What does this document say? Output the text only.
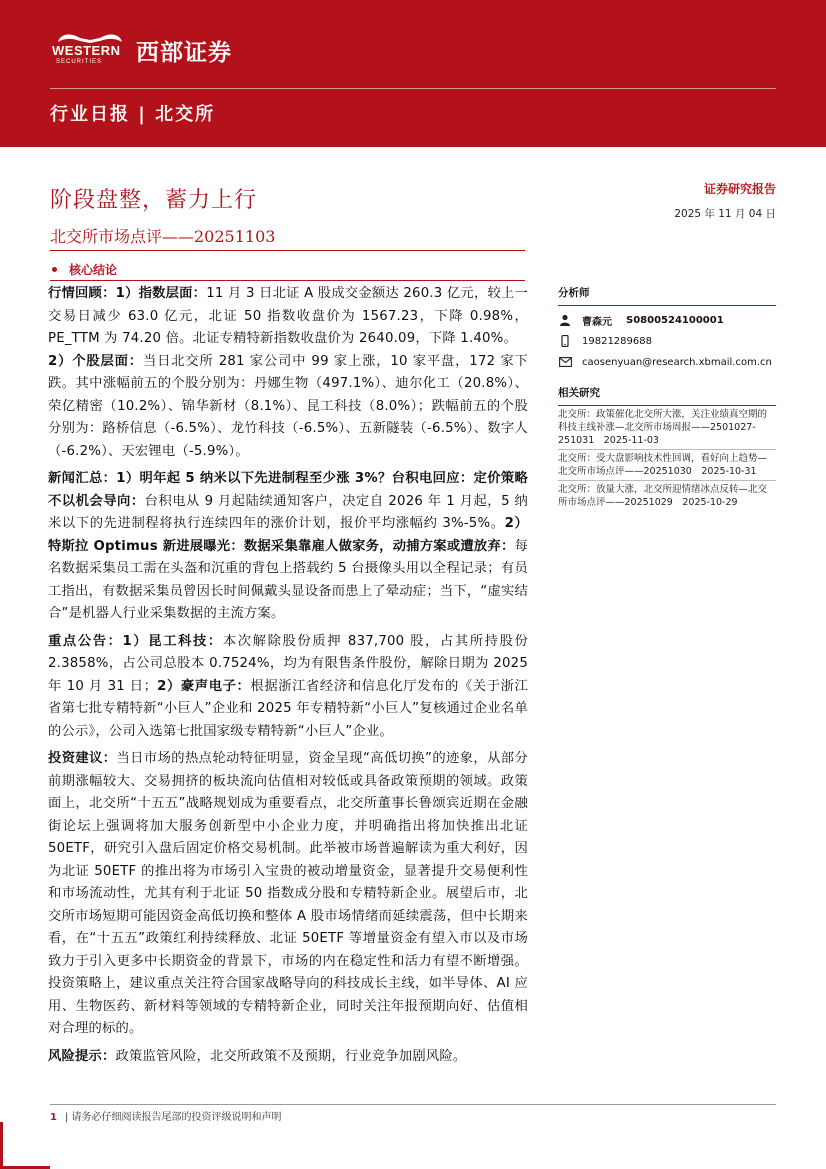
WESTERN
SECURITIES 西部证券
行业日报 | 北交所
阶段盘整，蓄力上行
北交所市场点评——20251103
证券研究报告
2025 年 11 月 04 日
核心结论

行情回顾：1）指数层面：11 月 3 日北证 A 股成交金额达 260.3 亿元，较上一交易日减少 63.0 亿元，北证 50 指数收盘价为 1567.23，下降 0.98%，PE_TTM 为 74.20 倍。北证专精特新指数收盘价为 2640.09，下降 1.40%。
2）个股层面：当日北交所 281 家公司中 99 家上涨，10 家平盘，172 家下跌。其中涨幅前五的个股分别为：丹娜生物（497.1%）、迪尔化工（20.8%）、荣亿精密（10.2%）、锦华新材（8.1%）、昆工科技（8.0%）；跌幅前五的个股分别为：路桥信息（-6.5%）、龙竹科技（-6.5%）、五新隧装（-6.5%）、数字人（-6.2%）、天宏锂电（-5.9%）。

新闻汇总：1）明年起 5 纳米以下先进制程至少涨 3%？台积电回应：定价策略不以机会导向：台积电从 9 月起陆续通知客户，决定自 2026 年 1 月起，5 纳米以下的先进制程将执行连续四年的涨价计划，报价平均涨幅约 3%-5%。2）特斯拉 Optimus 新进展曝光：数据采集靠雇人做家务，动捕方案或遭放弃：每名数据采集员工需在头盔和沉重的背包上搭载约 5 台摄像头用以全程记录；有员工指出，有数据采集员曾因长时间佩戴头显设备而患上了晕动症；当下，“虚实结合”是机器人行业采集数据的主流方案。

重点公告：1）昆工科技：本次解除股份质押 837,700 股，占其所持股份 2.3858%，占公司总股本 0.7524%，均为有限售条件股份，解除日期为 2025 年 10 月 31 日；2）豪声电子：根据浙江省经济和信息化厅发布的《关于浙江省第七批专精特新“小巨人”企业和 2025 年专精特新“小巨人”复核通过企业名单的公示》，公司入选第七批国家级专精特新“小巨人”企业。

投资建议：当日市场的热点轮动特征明显，资金呈现“高低切换”的迹象，从部分前期涨幅较大、交易拥挤的板块流向估值相对较低或具备政策预期的领域。政策面上，北交所“十五五”战略规划成为重要看点，北交所董事长鲁颂宾近期在金融街论坛上强调将加大服务创新型中小企业力度，并明确指出将加快推出北证 50ETF，研究引入盘后固定价格交易机制。此举被市场普遍解读为重大利好，因为北证 50ETF 的推出将为市场引入宝贵的被动增量资金，显著提升交易便利性和市场流动性，尤其有利于北证 50 指数成分股和专精特新企业。展望后市，北交所市场短期可能因资金高低切换和整体 A 股市场情绪而延续震荡，但中长期来看，在“十五五”政策红利持续释放、北证 50ETF 等增量资金有望入市以及市场致力于引入更多中长期资金的背景下，市场的内在稳定性和活力有望不断增强。投资策略上，建议重点关注符合国家战略导向的科技成长主线，如半导体、AI 应用、生物医药、新材料等领域的专精特新企业，同时关注年报预期向好、估值相对合理的标的。

风险提示：政策监管风险，北交所政策不及预期，行业竞争加剧风险。

分析师
曹森元 S0800524100001
19821289688
caosenyuan@research.xbmail.com.cn
相关研究
北交所：政策催化北交所大涨，关注业绩真空期的科技主线补涨—北交所市场周报——2501027-251031　2025-11-03
北交所：受大盘影响技术性回调，看好向上趋势—北交所市场点评——20251030　2025-10-31
北交所：放量大涨，北交所迎情绪冰点反转—北交所市场点评——20251029　2025-10-29
1 | 请务必仔细阅读报告尾部的投资评级说明和声明
